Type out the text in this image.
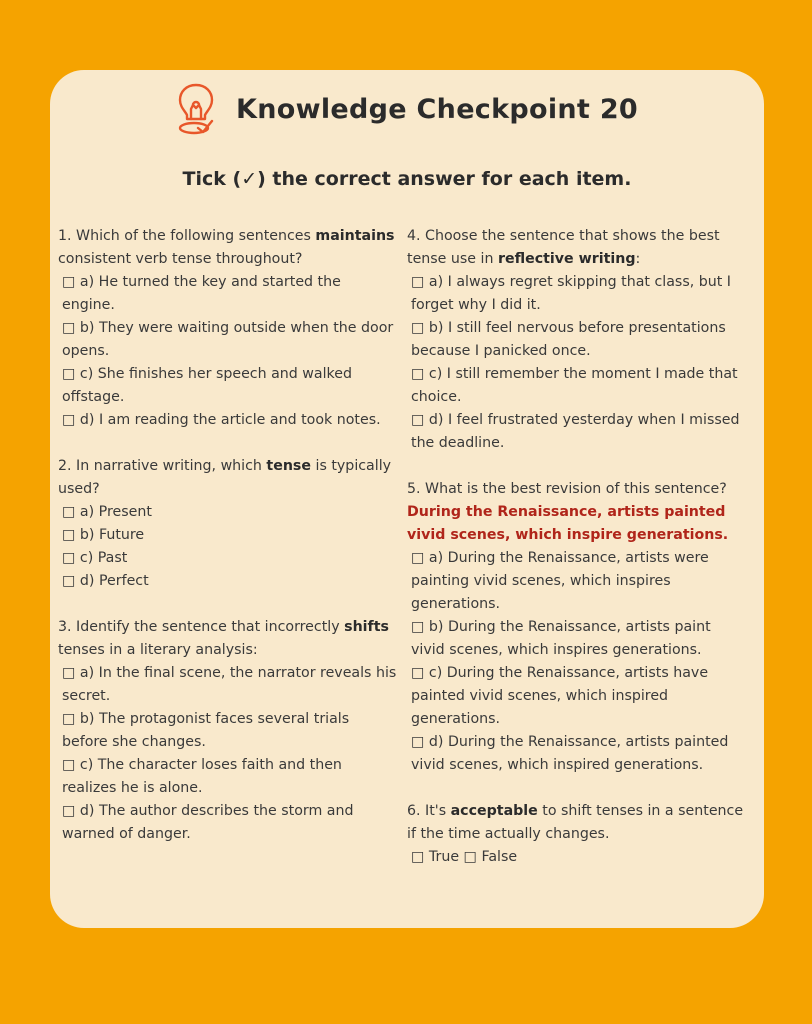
Knowledge Checkpoint 20
Tick (✓) the correct answer for each item.
1. Which of the following sentences maintains consistent verb tense throughout?
□ a) He turned the key and started the engine.
□ b) They were waiting outside when the door opens.
□ c) She finishes her speech and walked offstage.
□ d) I am reading the article and took notes.
2. In narrative writing, which tense is typically used?
□ a) Present
□ b) Future
□ c) Past
□ d) Perfect
3. Identify the sentence that incorrectly shifts tenses in a literary analysis:
□ a) In the final scene, the narrator reveals his secret.
□ b) The protagonist faces several trials before she changes.
□ c) The character loses faith and then realizes he is alone.
□ d) The author describes the storm and warned of danger.
4. Choose the sentence that shows the best tense use in reflective writing:
□ a) I always regret skipping that class, but I forget why I did it.
□ b) I still feel nervous before presentations because I panicked once.
□ c) I still remember the moment I made that choice.
□ d) I feel frustrated yesterday when I missed the deadline.
5. What is the best revision of this sentence?
During the Renaissance, artists painted vivid scenes, which inspire generations.
□ a) During the Renaissance, artists were painting vivid scenes, which inspires generations.
□ b) During the Renaissance, artists paint vivid scenes, which inspires generations.
□ c) During the Renaissance, artists have painted vivid scenes, which inspired generations.
□ d) During the Renaissance, artists painted vivid scenes, which inspired generations.
6. It's acceptable to shift tenses in a sentence if the time actually changes.
□ True □ False
